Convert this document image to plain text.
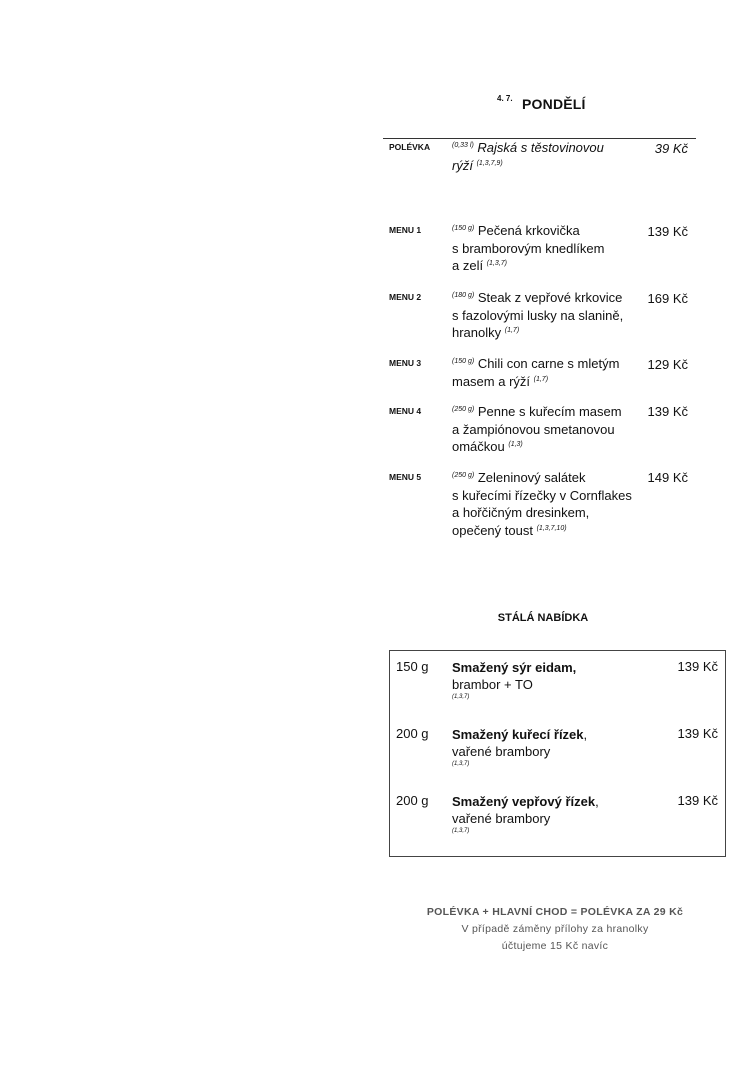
4. 7. PONDĚLÍ
POLÉVKA	$^{(0,33 l)}$ Rajská s těstovinovou
rýží $^{(1,3,7,9)}$
39 Kč
MENU 1	$^{(150 g)}$ Pečená krkovička
s bramborovým knedlíkem
a zelí $^{(1,3,7)}$
139 Kč
MENU 2	$^{(180 g)}$ Steak z vepřové krkovice
s fazolovými lusky na slanině,
hranolky $^{(1,7)}$
169 Kč
MENU 3	$^{(150 g)}$ Chili con carne s mletým
masem a rýží $^{(1,7)}$
129 Kč
MENU 4	$^{(250 g)}$ Penne s kuřecím masem
a žampiónovou smetanovou
omáčkou $^{(1,3)}$
139 Kč
MENU 5	$^{(250 g)}$ Zeleninový salátek
s kuřecími řízečky v Cornflakes
a hořčičným dresinkem,
opečený toust $^{(1,3,7,10)}$
149 Kč
STÁLÁ NABÍDKA
150 g Smažený sýr eidam,
brambor + TO
(1,3,7)
139 Kč
200 g Smažený kuřecí řízek,
vařené brambory
(1,3,7)
139 Kč
200 g Smažený vepřový řízek,
vařené brambory
(1,3,7)
139 Kč
POLÉVKA + HLAVNÍ CHOD = POLÉVKA ZA 29 Kč
V případě záměny přílohy za hranolky
účtujeme 15 Kč navíc
